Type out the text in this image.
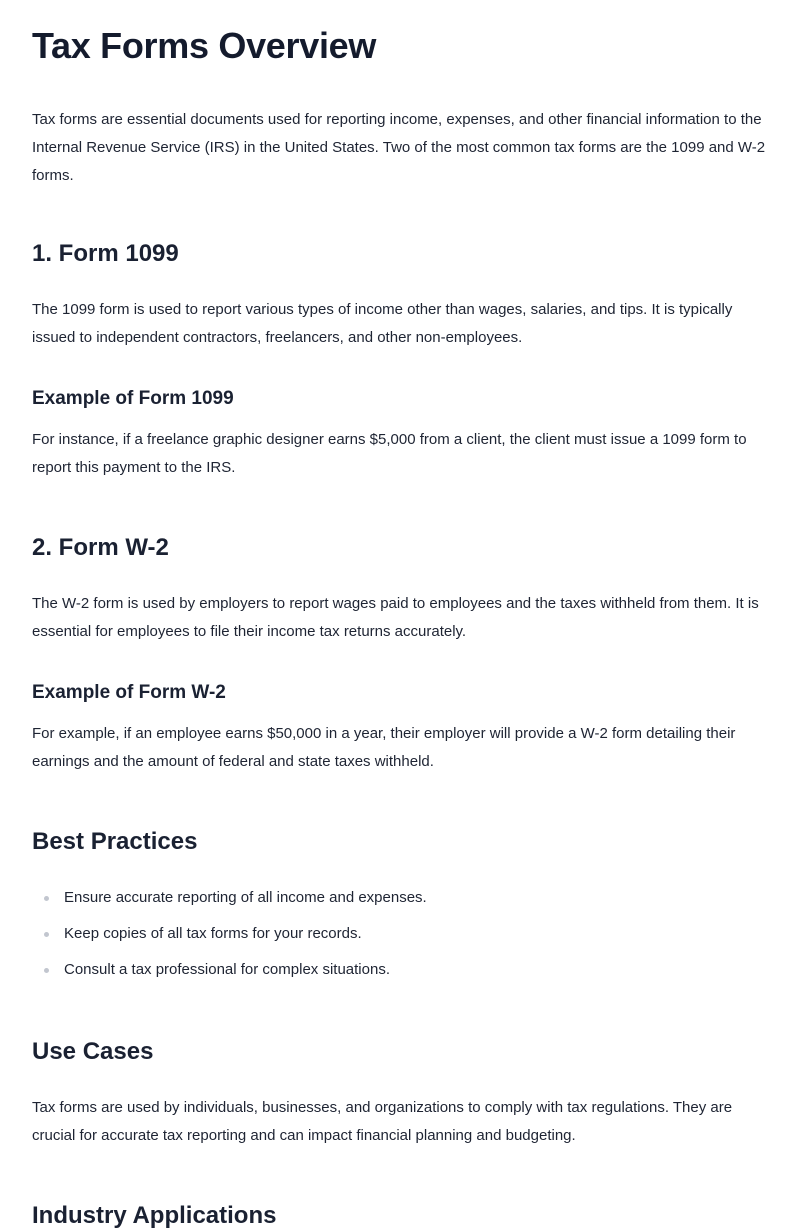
Tax Forms Overview

Tax forms are essential documents used for reporting income, expenses, and other financial information to the Internal Revenue Service (IRS) in the United States. Two of the most common tax forms are the 1099 and W-2 forms.

1. Form 1099

The 1099 form is used to report various types of income other than wages, salaries, and tips. It is typically issued to independent contractors, freelancers, and other non-employees.

Example of Form 1099

For instance, if a freelance graphic designer earns $5,000 from a client, the client must issue a 1099 form to report this payment to the IRS.

2. Form W-2

The W-2 form is used by employers to report wages paid to employees and the taxes withheld from them. It is essential for employees to file their income tax returns accurately.

Example of Form W-2

For example, if an employee earns $50,000 in a year, their employer will provide a W-2 form detailing their earnings and the amount of federal and state taxes withheld.

Best Practices
Ensure accurate reporting of all income and expenses.
Keep copies of all tax forms for your records.
Consult a tax professional for complex situations.
Use Cases

Tax forms are used by individuals, businesses, and organizations to comply with tax regulations. They are crucial for accurate tax reporting and can impact financial planning and budgeting.

Industry Applications
